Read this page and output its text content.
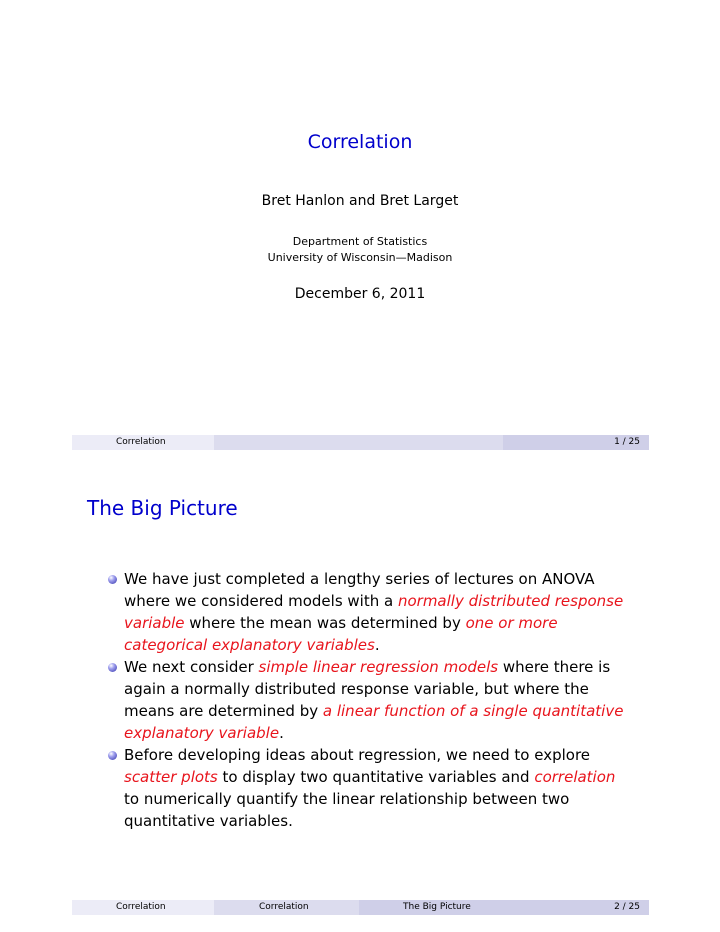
Correlation
Bret Hanlon and Bret Larget
Department of Statistics
University of Wisconsin—Madison
December 6, 2011
Correlation	1 / 25
The Big Picture
We have just completed a lengthy series of lectures on ANOVA where we considered models with a normally distributed response variable where the mean was determined by one or more categorical explanatory variables.
We next consider simple linear regression models where there is again a normally distributed response variable, but where the means are determined by a linear function of a single quantitative explanatory variable.
Before developing ideas about regression, we need to explore scatter plots to display two quantitative variables and correlation to numerically quantify the linear relationship between two quantitative variables.
Correlation	Correlation	The Big Picture	2 / 25
